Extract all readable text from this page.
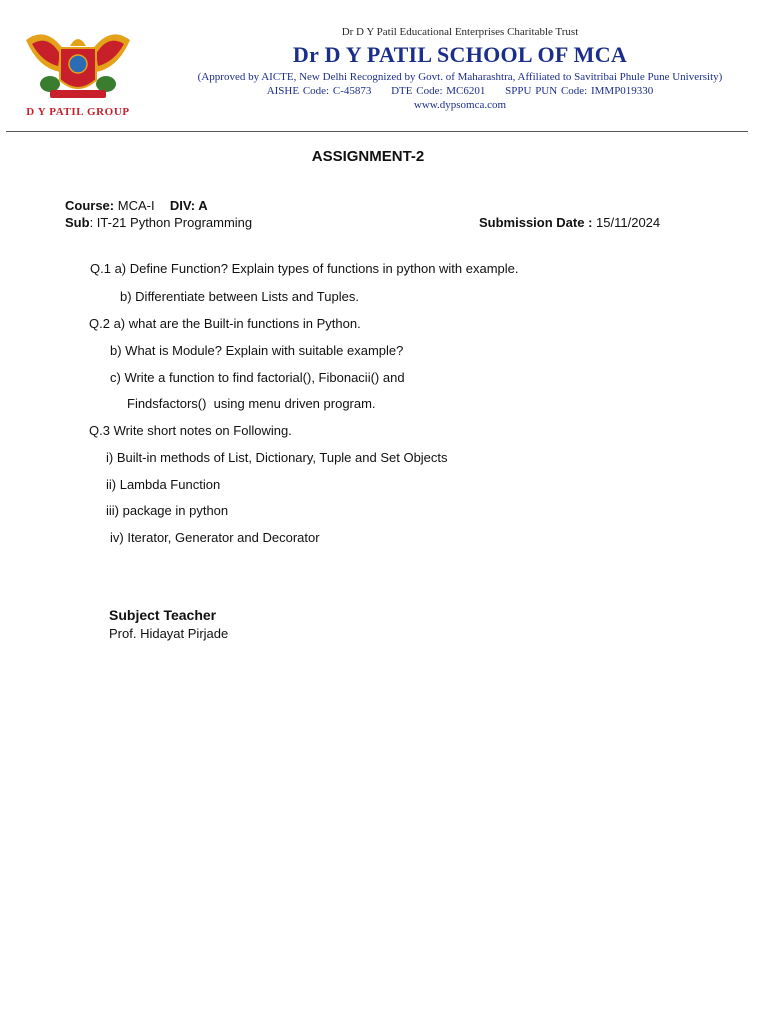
D Y PATIL GROUP
Dr D Y Patil Educational Enterprises Charitable Trust
Dr D Y PATIL SCHOOL OF MCA
(Approved by AICTE, New Delhi Recognized by Govt. of Maharashtra, Affiliated to Savitribai Phule Pune University)
AISHE Code: C-45873 DTE Code: MC6201 SPPU PUN Code: IMMP019330
www.dypsomca.com
ASSIGNMENT-2
Course: MCA-I DIV: A
Sub: IT-21 Python Programming	Submission Date : 15/11/2024
Q.1 a) Define Function? Explain types of functions in python with example.
b) Differentiate between Lists and Tuples.
Q.2 a) what are the Built-in functions in Python.
b) What is Module? Explain with suitable example?
c) Write a function to find factorial(), Fibonacii() and
Findsfactors()  using menu driven program.
Q.3 Write short notes on Following.
i) Built-in methods of List, Dictionary, Tuple and Set Objects
ii) Lambda Function
iii) package in python
iv) Iterator, Generator and Decorator
Subject Teacher
Prof. Hidayat Pirjade
